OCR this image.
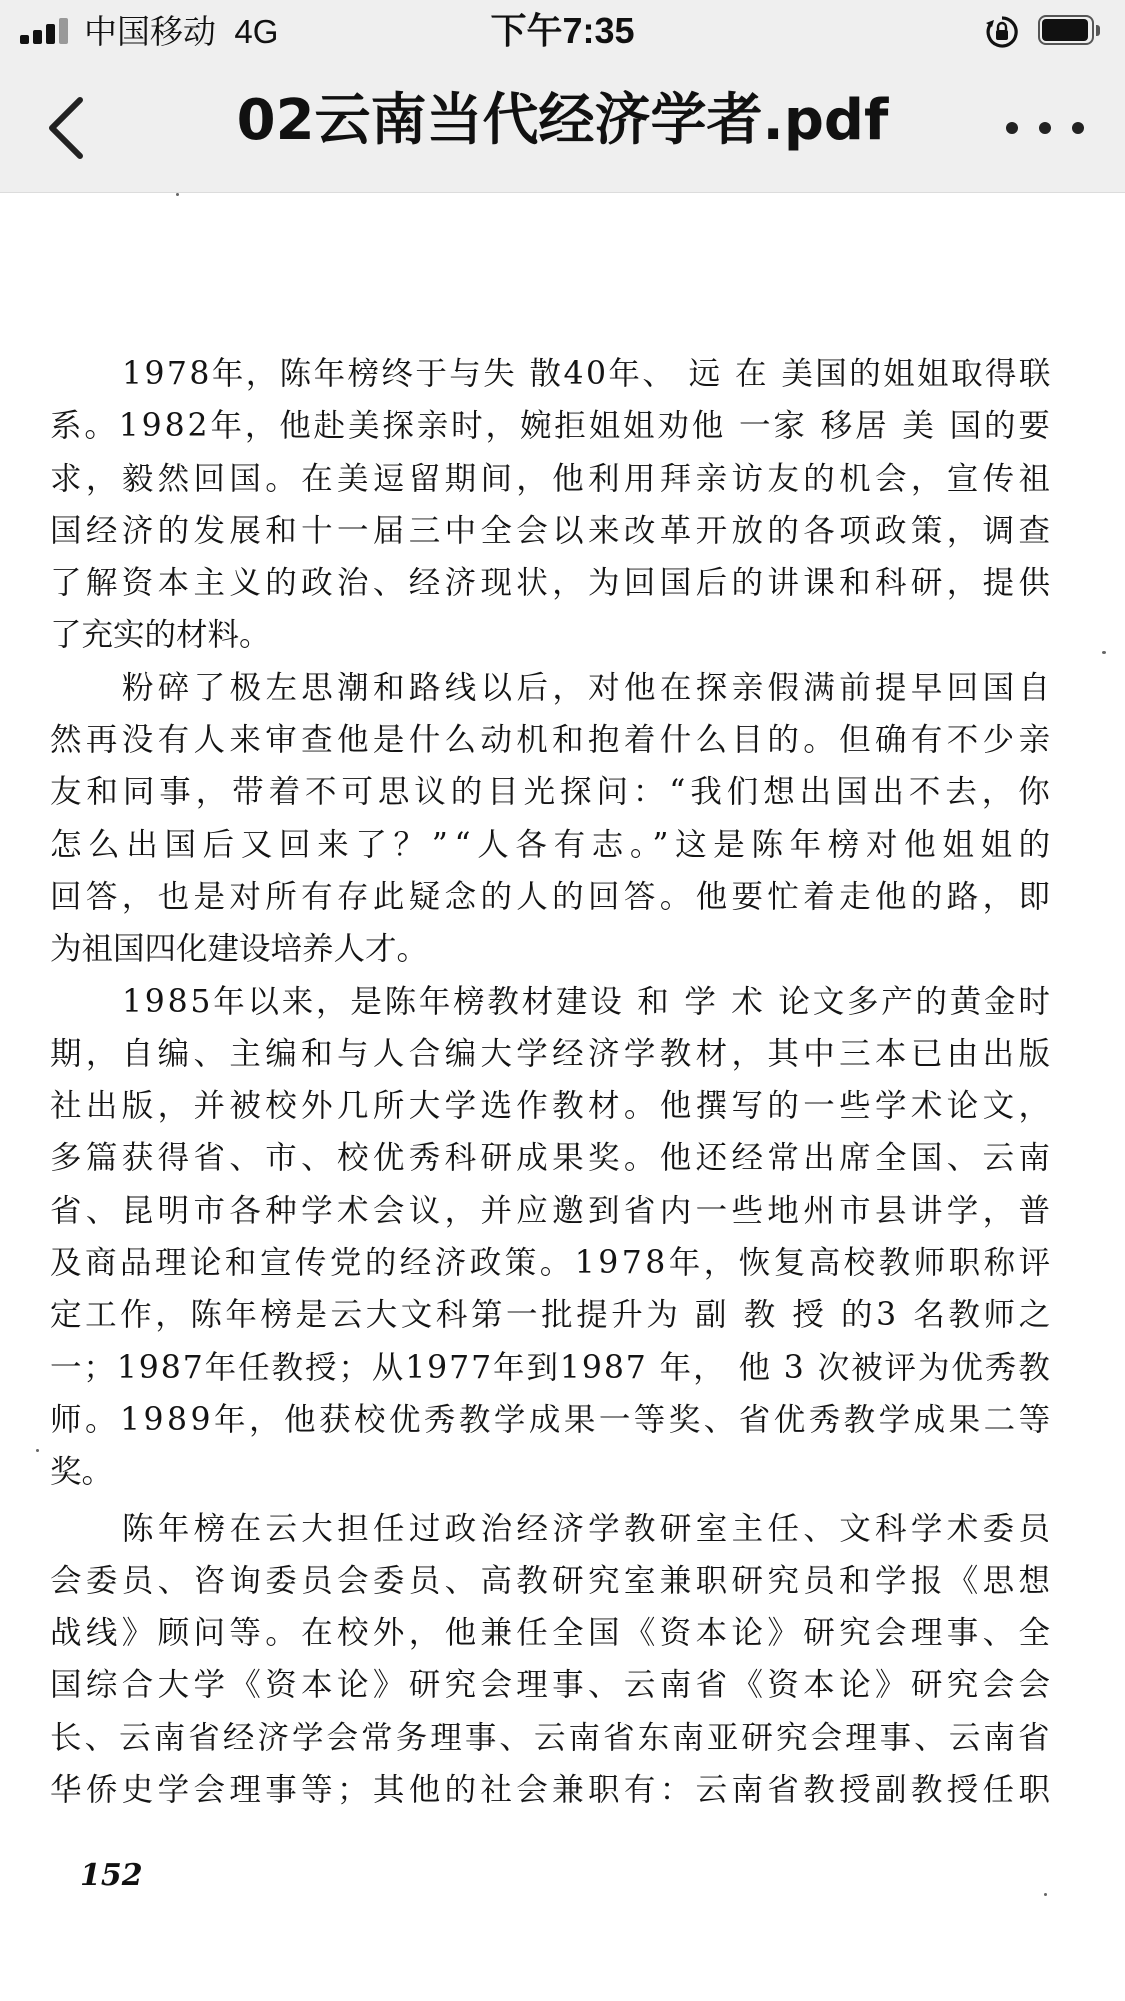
中国移动  4G	下午7:35
02云南当代经济学者.pdf
1978年，陈年榜终于与失 散40年、 远 在 美国的姐姐取得联
系。1982年，他赴美探亲时，婉拒姐姐劝他 一家 移居 美 国的要
求，毅然回国。在美逗留期间，他利用拜亲访友的机会，宣传祖
国经济的发展和十一届三中全会以来改革开放的各项政策，调查
了解资本主义的政治、经济现状，为回国后的讲课和科研，提供
了充实的材料。
粉碎了极左思潮和路线以后，对他在探亲假满前提早回国自
然再没有人来审查他是什么动机和抱着什么目的。但确有不少亲
友和同事，带着不可思议的目光探问：“我们想出国出不去，你
怎么出国后又回来了？”“人各有志。”这是陈年榜对他姐姐的
回答，也是对所有存此疑念的人的回答。他要忙着走他的路，即
为祖国四化建设培养人才。
1985年以来，是陈年榜教材建设 和 学 术 论文多产的黄金时
期，自编、主编和与人合编大学经济学教材，其中三本已由出版
社出版，并被校外几所大学选作教材。他撰写的一些学术论文，
多篇获得省、市、校优秀科研成果奖。他还经常出席全国、云南
省、昆明市各种学术会议，并应邀到省内一些地州市县讲学，普
及商品理论和宣传党的经济政策。1978年，恢复高校教师职称评
定工作，陈年榜是云大文科第一批提升为 副 教 授 的3 名教师之
一；1987年任教授；从1977年到1987 年， 他 3 次被评为优秀教
师。1989年，他获校优秀教学成果一等奖、省优秀教学成果二等
奖。
陈年榜在云大担任过政治经济学教研室主任、文科学术委员
会委员、咨询委员会委员、高教研究室兼职研究员和学报《思想
战线》顾问等。在校外，他兼任全国《资本论》研究会理事、全
国综合大学《资本论》研究会理事、云南省《资本论》研究会会
长、云南省经济学会常务理事、云南省东南亚研究会理事、云南省
华侨史学会理事等；其他的社会兼职有：云南省教授副教授任职
152
